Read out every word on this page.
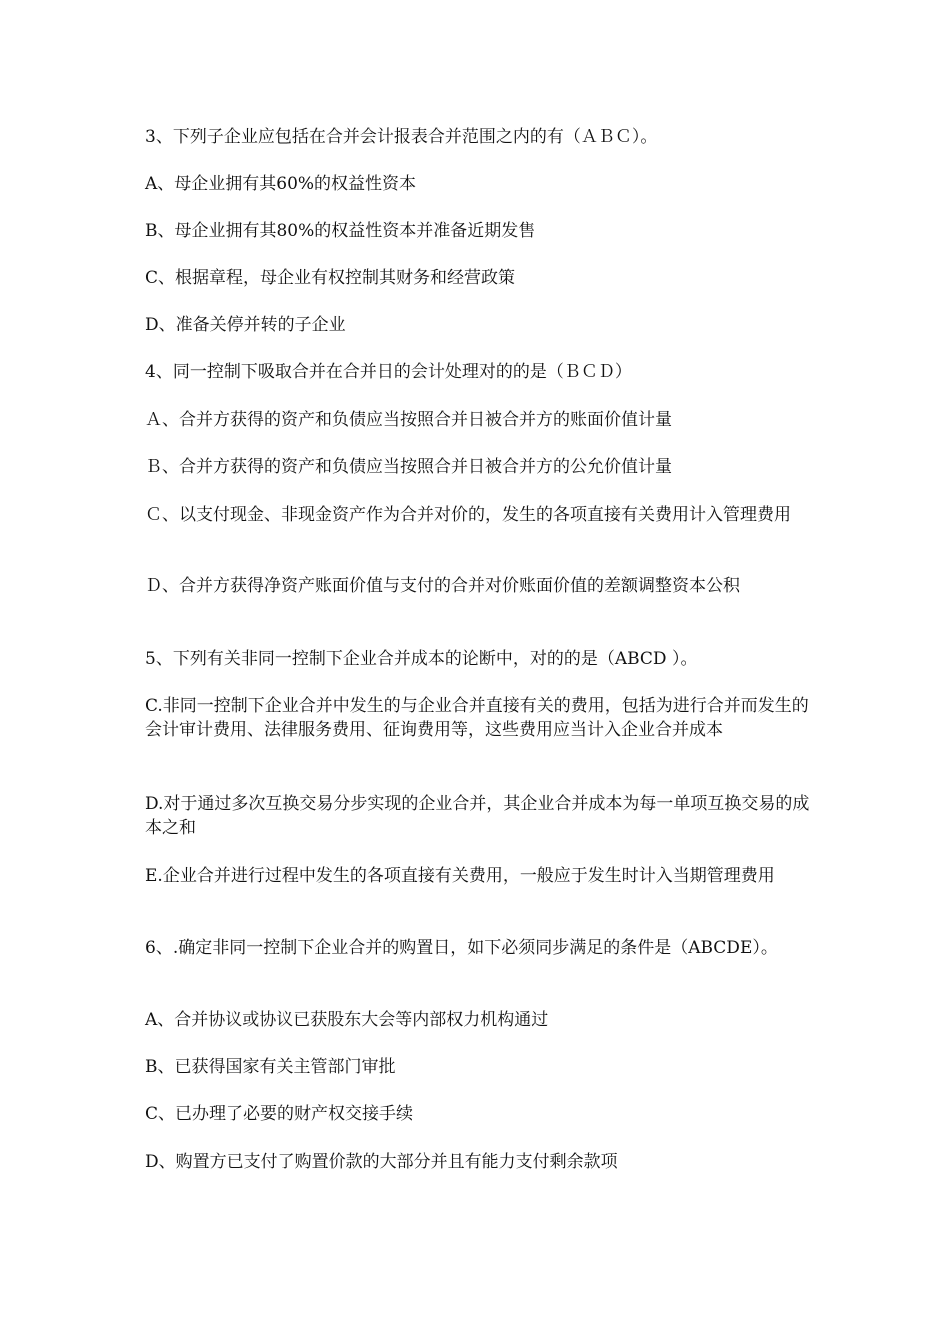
3、下列子企业应包括在合并会计报表合并范围之内的有（ＡＢＣ）。

A、母企业拥有其60%的权益性资本

B、母企业拥有其80%的权益性资本并准备近期发售

C、根据章程，母企业有权控制其财务和经营政策

D、准备关停并转的子企业

4、同一控制下吸取合并在合并日的会计处理对的的是（ＢＣＤ）

Ａ、合并方获得的资产和负债应当按照合并日被合并方的账面价值计量

Ｂ、合并方获得的资产和负债应当按照合并日被合并方的公允价值计量

Ｃ、以支付现金、非现金资产作为合并对价的，发生的各项直接有关费用计入管理费用

Ｄ、合并方获得净资产账面价值与支付的合并对价账面价值的差额调整资本公积

5、下列有关非同一控制下企业合并成本的论断中，对的的是（ABCD ）。

C.非同一控制下企业合并中发生的与企业合并直接有关的费用，包括为进行合并而发生的会计审计费用、法律服务费用、征询费用等，这些费用应当计入企业合并成本

D.对于通过多次互换交易分步实现的企业合并，其企业合并成本为每一单项互换交易的成本之和

E.企业合并进行过程中发生的各项直接有关费用，一般应于发生时计入当期管理费用

6、.确定非同一控制下企业合并的购置日，如下必须同步满足的条件是（ABCDE）。

A、合并协议或协议已获股东大会等内部权力机构通过

B、已获得国家有关主管部门审批

C、已办理了必要的财产权交接手续

D、购置方已支付了购置价款的大部分并且有能力支付剩余款项
